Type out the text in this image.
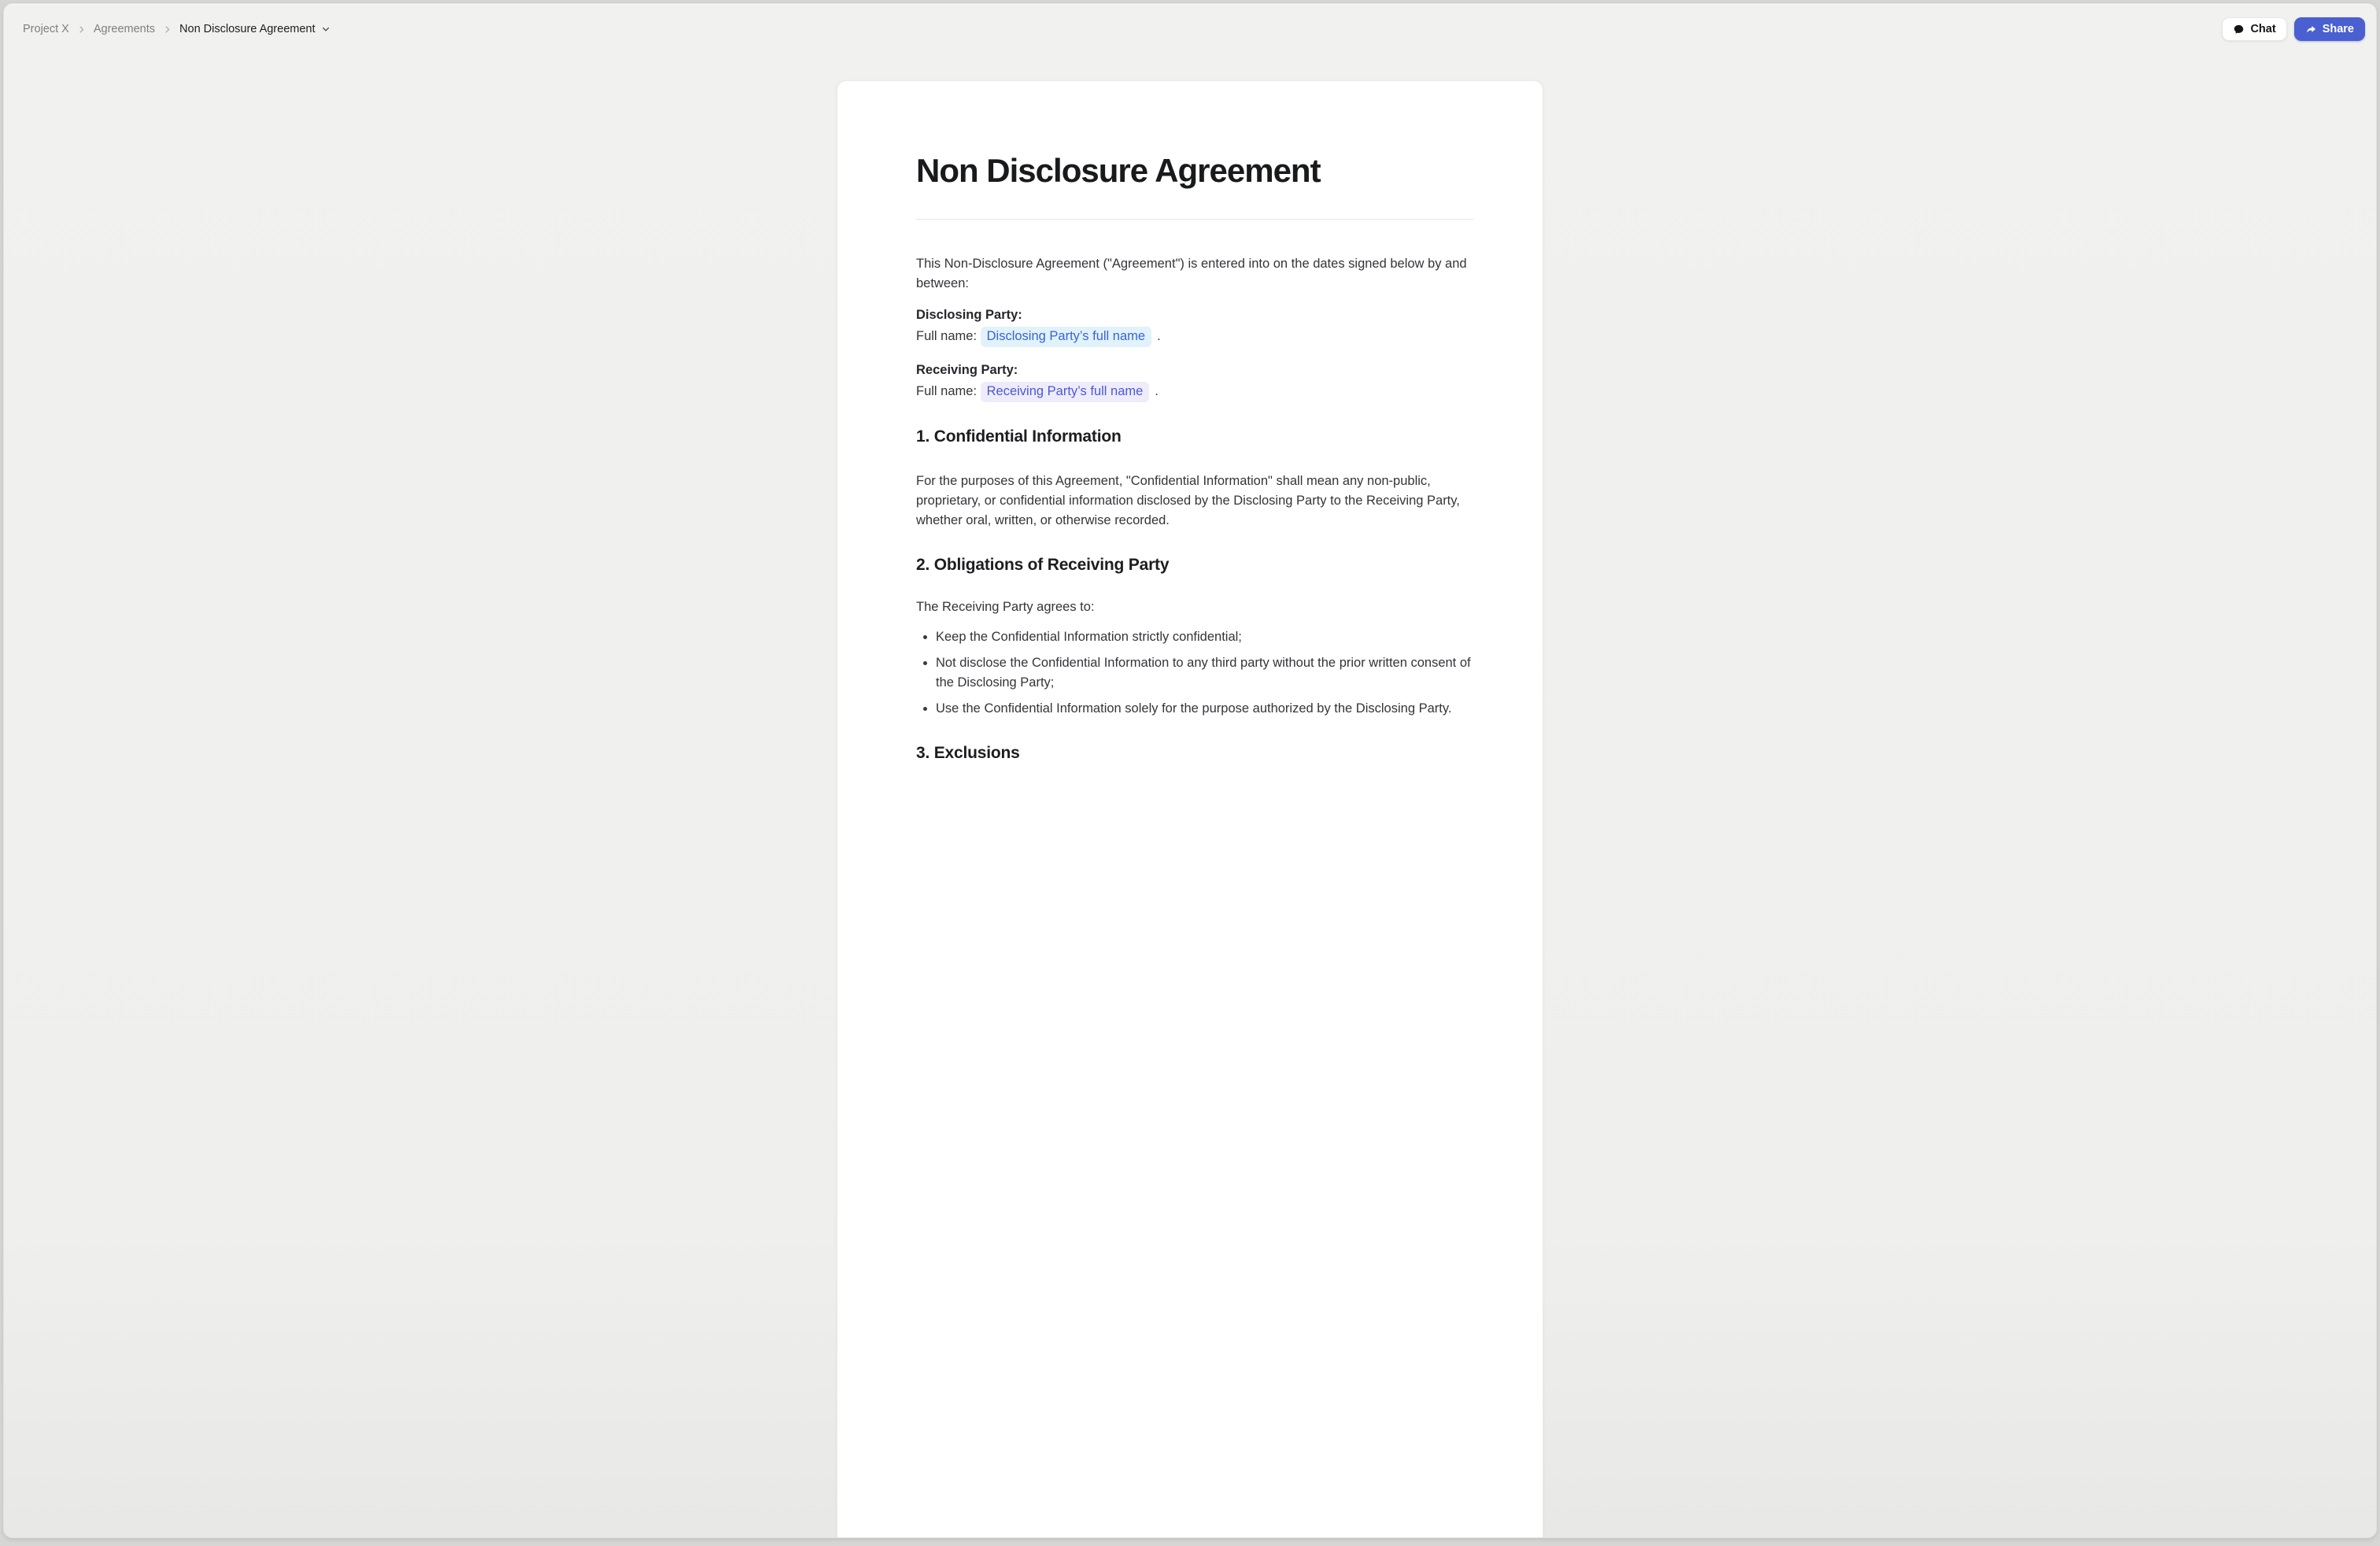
Project X Agreements Non Disclosure Agreement	Chat	Share
Non Disclosure Agreement

This Non-Disclosure Agreement ("Agreement") is entered into on the dates signed below by and between:

Disclosing Party:
Full name: Disclosing Party’s full name .
Receiving Party:
Full name: Receiving Party’s full name .
1. Confidential Information

For the purposes of this Agreement, "Confidential Information" shall mean any non-public, proprietary, or confidential information disclosed by the Disclosing Party to the Receiving Party, whether oral, written, or otherwise recorded.

2. Obligations of Receiving Party

The Receiving Party agrees to:

• Keep the Confidential Information strictly confidential;
• Not disclose the Confidential Information to any third party without the prior written consent of the Disclosing Party;
• Use the Confidential Information solely for the purpose authorized by the Disclosing Party.
3. Exclusions
